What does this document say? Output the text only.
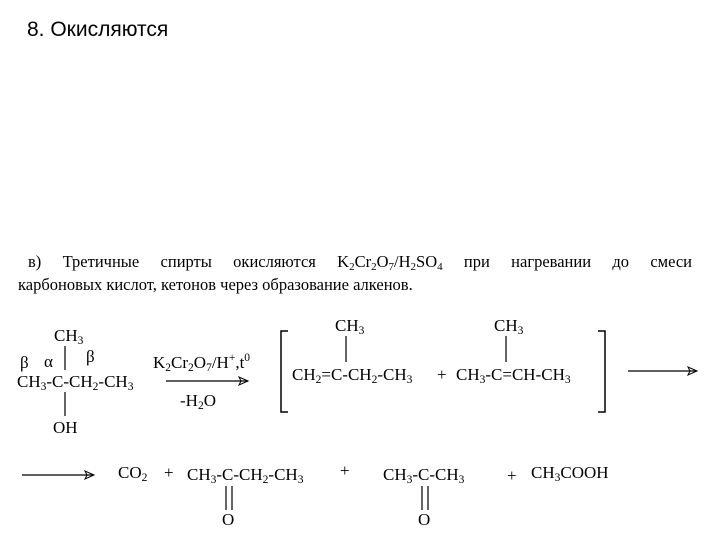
8. Окисляются
в) Третичные спирты окисляются $K_2Cr_2O_7/H_2SO_4$ при нагревании до смеси
карбоновых кислот, кетонов через образование алкенов.
CH3
β α β
CH3-C-CH2-CH3
OH
$K2Cr2O7/H^+,t^0$
-H2O
CH3
CH2=C-CH2-CH3 +
CH3
CH3-C=CH-CH3
CO2 + CH3-C-CH2-CH3
O
+ CH3-C-CH3
O
+ CH3COOH
